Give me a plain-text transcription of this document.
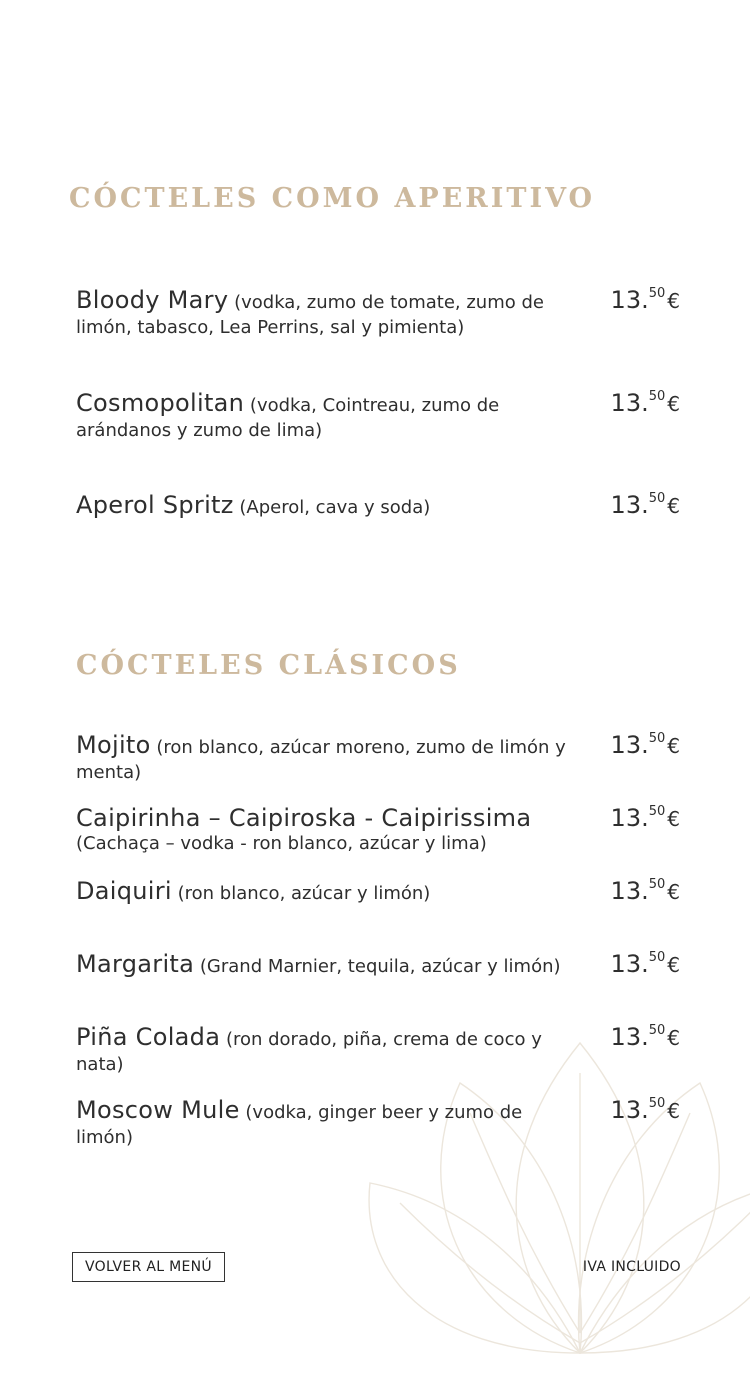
CÓCTELES COMO APERITIVO
Bloody Mary (vodka, zumo de tomate, zumo de limón, tabasco, Lea Perrins, sal y pimienta)
13.50 €
Cosmopolitan (vodka, Cointreau, zumo de arándanos y zumo de lima)
13.50 €
Aperol Spritz (Aperol, cava y soda)	13.50 €
CÓCTELES CLÁSICOS
Mojito (ron blanco, azúcar moreno, zumo de limón y menta)
13.50 €
Caipirinha – Caipiroska - Caipirissima
(Cachaça – vodka - ron blanco, azúcar y lima)
13.50 €
Daiquiri (ron blanco, azúcar y limón)	13.50 €
Margarita (Grand Marnier, tequila, azúcar y limón)	13.50 €
Piña Colada (ron dorado, piña, crema de coco y nata)
13.50 €
Moscow Mule (vodka, ginger beer y zumo de limón)
13.50 €
VOLVER AL MENÚ	IVA INCLUIDO
